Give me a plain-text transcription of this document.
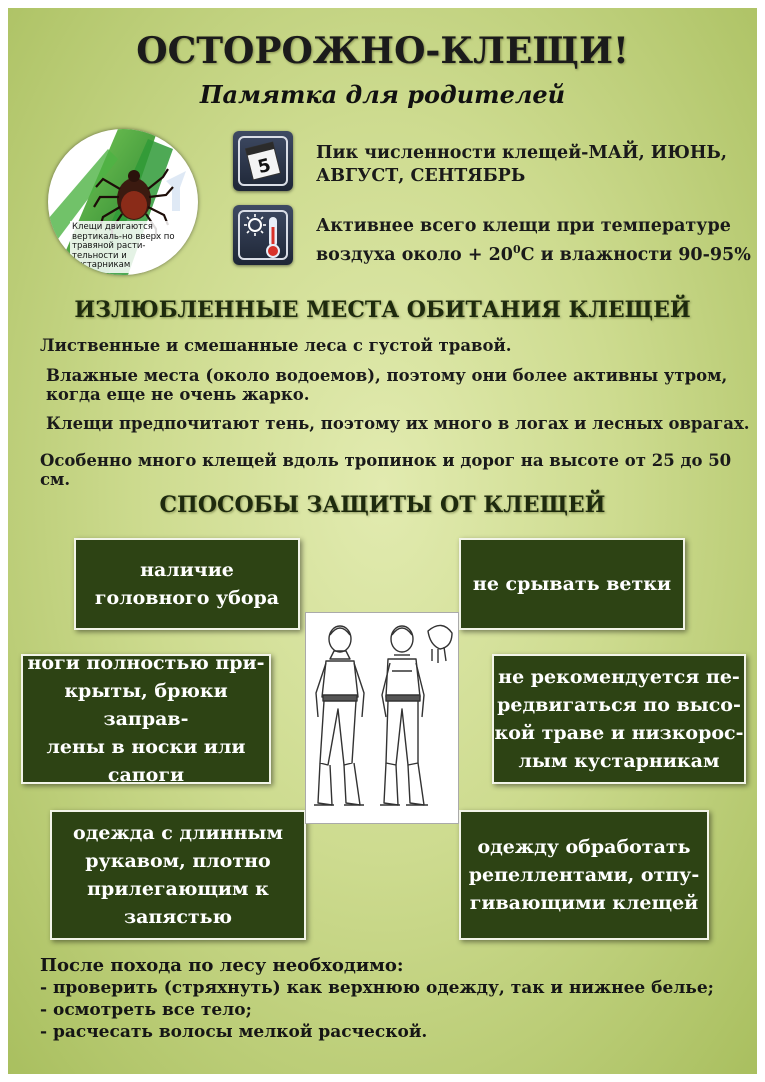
ОСТОРОЖНО-КЛЕЩИ!
Памятка для родителей
Клещи двигаются вертикаль-но вверх по травяной расти-тельности и кустарникам
5
Пик численности клещей-МАЙ, ИЮНЬ,
АВГУСТ, СЕНТЯБРЬ
Активнее всего клещи при температуре
воздуха около + $20^0С$ и влажности 90-95%
ИЗЛЮБЛЕННЫЕ МЕСТА ОБИТАНИЯ КЛЕЩЕЙ
Лиственные и смешанные леса с густой травой.
Влажные места (около водоемов), поэтому они более активны утром,
когда еще не очень жарко.
Клещи предпочитают тень, поэтому их много в логах и лесных оврагах.
Особенно много клещей вдоль тропинок и дорог на высоте от 25 до 50 см.
СПОСОБЫ ЗАЩИТЫ ОТ КЛЕЩЕЙ
наличие
головного убора
не срывать ветки
ноги полностью при-
крыты, брюки заправ-
лены в носки или
сапоги
не рекомендуется пе-
редвигаться по высо-
кой траве и низкорос-
лым кустарникам
одежда с длинным
рукавом, плотно
прилегающим к
запястью
одежду обработать
репеллентами, отпу-
гивающими клещей
После похода по лесу необходимо:
- проверить (стряхнуть) как верхнюю одежду, так и нижнее белье;
- осмотреть все тело;
- расчесать волосы мелкой расческой.
